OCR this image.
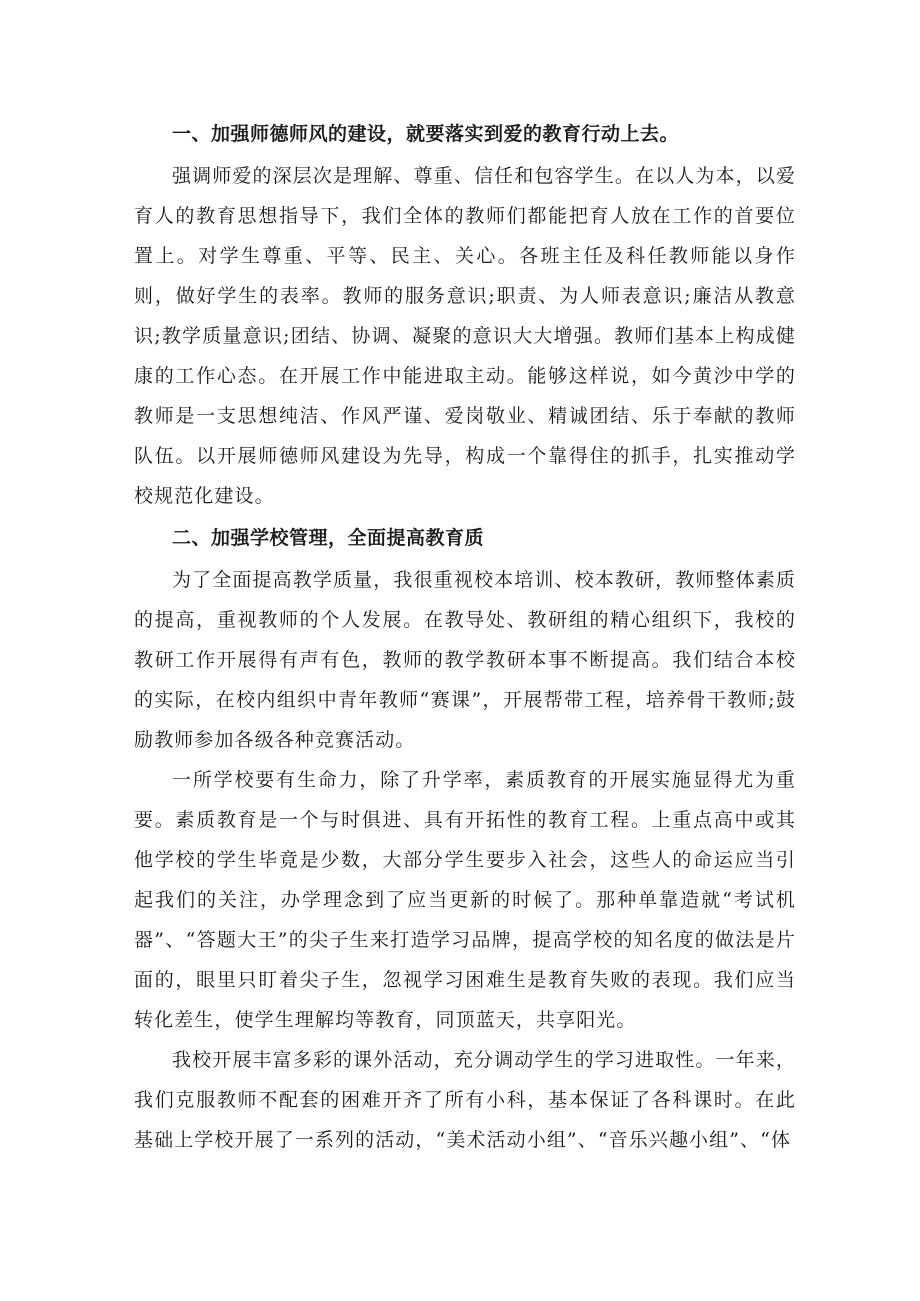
一、加强师德师风的建设，就要落实到爱的教育行动上去。

强调师爱的深层次是理解、尊重、信任和包容学生。在以人为本，以爱育人的教育思想指导下，我们全体的教师们都能把育人放在工作的首要位置上。对学生尊重、平等、民主、关心。各班主任及科任教师能以身作则，做好学生的表率。教师的服务意识;职责、为人师表意识;廉洁从教意识;教学质量意识;团结、协调、凝聚的意识大大增强。教师们基本上构成健康的工作心态。在开展工作中能进取主动。能够这样说，如今黄沙中学的教师是一支思想纯洁、作风严谨、爱岗敬业、精诚团结、乐于奉献的教师队伍。以开展师德师风建设为先导，构成一个靠得住的抓手，扎实推动学校规范化建设。

二、加强学校管理，全面提高教育质

为了全面提高教学质量，我很重视校本培训、校本教研，教师整体素质的提高，重视教师的个人发展。在教导处、教研组的精心组织下，我校的教研工作开展得有声有色，教师的教学教研本事不断提高。我们结合本校的实际，在校内组织中青年教师“赛课”，开展帮带工程，培养骨干教师;鼓励教师参加各级各种竞赛活动。

一所学校要有生命力，除了升学率，素质教育的开展实施显得尤为重要。素质教育是一个与时俱进、具有开拓性的教育工程。上重点高中或其他学校的学生毕竟是少数，大部分学生要步入社会，这些人的命运应当引起我们的关注，办学理念到了应当更新的时候了。那种单靠造就“考试机器”、“答题大王”的尖子生来打造学习品牌，提高学校的知名度的做法是片面的，眼里只盯着尖子生，忽视学习困难生是教育失败的表现。我们应当转化差生，使学生理解均等教育，同顶蓝天，共享阳光。

我校开展丰富多彩的课外活动，充分调动学生的学习进取性。一年来，我们克服教师不配套的困难开齐了所有小科，基本保证了各科课时。在此基础上学校开展了一系列的活动，“美术活动小组”、“音乐兴趣小组”、“体
